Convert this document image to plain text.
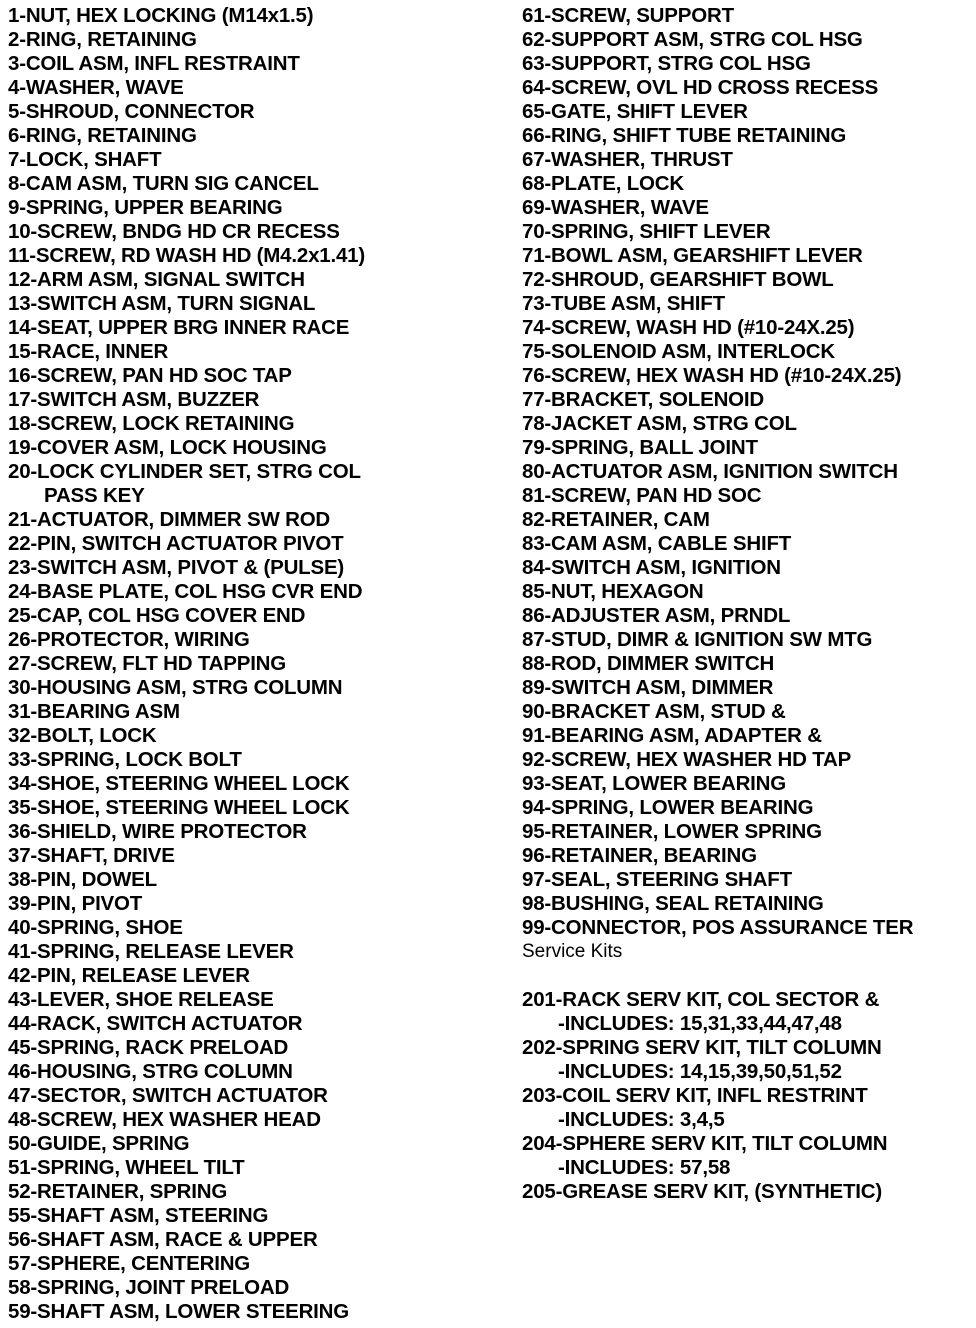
1-NUT, HEX LOCKING (M14x1.5)
2-RING, RETAINING
3-COIL ASM, INFL RESTRAINT
4-WASHER, WAVE
5-SHROUD, CONNECTOR
6-RING, RETAINING
7-LOCK, SHAFT
8-CAM ASM, TURN SIG CANCEL
9-SPRING, UPPER BEARING
10-SCREW, BNDG HD CR RECESS
11-SCREW, RD WASH HD (M4.2x1.41)
12-ARM ASM, SIGNAL SWITCH
13-SWITCH ASM, TURN SIGNAL
14-SEAT, UPPER BRG INNER RACE
15-RACE, INNER
16-SCREW, PAN HD SOC TAP
17-SWITCH ASM, BUZZER
18-SCREW, LOCK RETAINING
19-COVER ASM, LOCK HOUSING
20-LOCK CYLINDER SET, STRG COL
PASS KEY
21-ACTUATOR, DIMMER SW ROD
22-PIN, SWITCH ACTUATOR PIVOT
23-SWITCH ASM, PIVOT & (PULSE)
24-BASE PLATE, COL HSG CVR END
25-CAP, COL HSG COVER END
26-PROTECTOR, WIRING
27-SCREW, FLT HD TAPPING
30-HOUSING ASM, STRG COLUMN
31-BEARING ASM
32-BOLT, LOCK
33-SPRING, LOCK BOLT
34-SHOE, STEERING WHEEL LOCK
35-SHOE, STEERING WHEEL LOCK
36-SHIELD, WIRE PROTECTOR
37-SHAFT, DRIVE
38-PIN, DOWEL
39-PIN, PIVOT
40-SPRING, SHOE
41-SPRING, RELEASE LEVER
42-PIN, RELEASE LEVER
43-LEVER, SHOE RELEASE
44-RACK, SWITCH ACTUATOR
45-SPRING, RACK PRELOAD
46-HOUSING, STRG COLUMN
47-SECTOR, SWITCH ACTUATOR
48-SCREW, HEX WASHER HEAD
50-GUIDE, SPRING
51-SPRING, WHEEL TILT
52-RETAINER, SPRING
55-SHAFT ASM, STEERING
56-SHAFT ASM, RACE & UPPER
57-SPHERE, CENTERING
58-SPRING, JOINT PRELOAD
59-SHAFT ASM, LOWER STEERING
61-SCREW, SUPPORT
62-SUPPORT ASM, STRG COL HSG
63-SUPPORT, STRG COL HSG
64-SCREW, OVL HD CROSS RECESS
65-GATE, SHIFT LEVER
66-RING, SHIFT TUBE RETAINING
67-WASHER, THRUST
68-PLATE, LOCK
69-WASHER, WAVE
70-SPRING, SHIFT LEVER
71-BOWL ASM, GEARSHIFT LEVER
72-SHROUD, GEARSHIFT BOWL
73-TUBE ASM, SHIFT
74-SCREW, WASH HD (#10-24X.25)
75-SOLENOID ASM, INTERLOCK
76-SCREW, HEX WASH HD (#10-24X.25)
77-BRACKET, SOLENOID
78-JACKET ASM, STRG COL
79-SPRING, BALL JOINT
80-ACTUATOR ASM, IGNITION SWITCH
81-SCREW, PAN HD SOC
82-RETAINER, CAM
83-CAM ASM, CABLE SHIFT
84-SWITCH ASM, IGNITION
85-NUT, HEXAGON
86-ADJUSTER ASM, PRNDL
87-STUD, DIMR & IGNITION SW MTG
88-ROD, DIMMER SWITCH
89-SWITCH ASM, DIMMER
90-BRACKET ASM, STUD &
91-BEARING ASM, ADAPTER &
92-SCREW, HEX WASHER HD TAP
93-SEAT, LOWER BEARING
94-SPRING, LOWER BEARING
95-RETAINER, LOWER SPRING
96-RETAINER, BEARING
97-SEAL, STEERING SHAFT
98-BUSHING, SEAL RETAINING
99-CONNECTOR, POS ASSURANCE TER
Service Kits
201-RACK SERV KIT, COL SECTOR &
-INCLUDES: 15,31,33,44,47,48
202-SPRING SERV KIT, TILT COLUMN
-INCLUDES: 14,15,39,50,51,52
203-COIL SERV KIT, INFL RESTRINT
-INCLUDES: 3,4,5
204-SPHERE SERV KIT, TILT COLUMN
-INCLUDES: 57,58
205-GREASE SERV KIT, (SYNTHETIC)
